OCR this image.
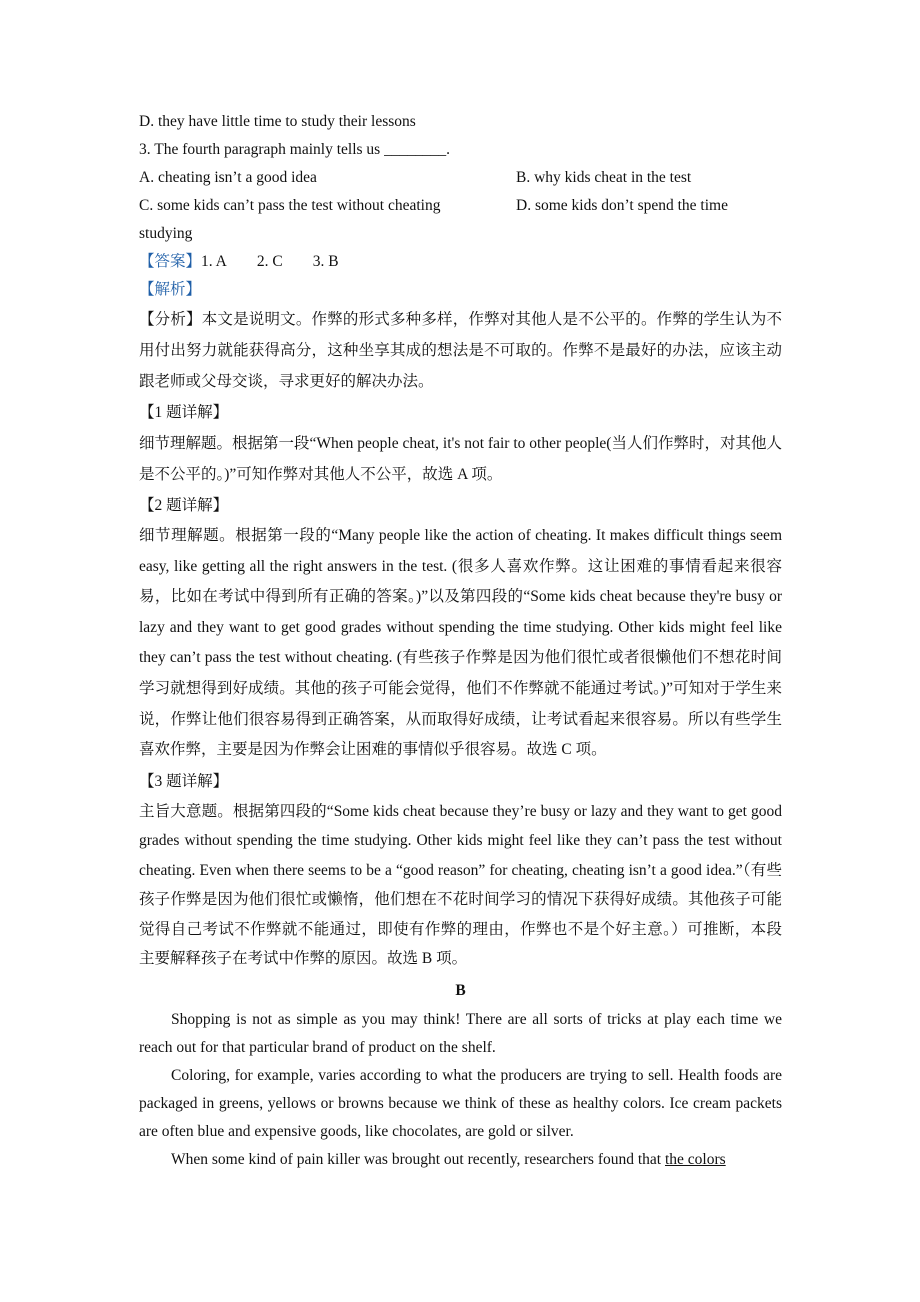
D. they have little time to study their lessons
3. The fourth paragraph mainly tells us ________.
A. cheating isn’t a good idea	B. why kids cheat in the test
C. some kids can’t pass the test without cheating	D. some kids don’t spend the time
studying
【答案】1. A 2. C 3. B
【解析】
【分析】本文是说明文。作弊的形式多种多样，作弊对其他人是不公平的。作弊的学生认为不用付出努力就能获得高分，这种坐享其成的想法是不可取的。作弊不是最好的办法，应该主动跟老师或父母交谈，寻求更好的解决办法。
【1 题详解】
细节理解题。根据第一段“When people cheat, it's not fair to other people(当人们作弊时，对其他人是不公平的。)”可知作弊对其他人不公平，故选 A 项。
【2 题详解】
细节理解题。根据第一段的“Many people like the action of cheating. It makes difficult things seem easy, like getting all the right answers in the test. (很多人喜欢作弊。这让困难的事情看起来很容易，比如在考试中得到所有正确的答案。)”以及第四段的“Some kids cheat because they're busy or lazy and they want to get good grades without spending the time studying. Other kids might feel like they can’t pass the test without cheating. (有些孩子作弊是因为他们很忙或者很懒他们不想花时间学习就想得到好成绩。其他的孩子可能会觉得，他们不作弊就不能通过考试。)”可知对于学生来说，作弊让他们很容易得到正确答案，从而取得好成绩，让考试看起来很容易。所以有些学生喜欢作弊，主要是因为作弊会让困难的事情似乎很容易。故选 C 项。
【3 题详解】
主旨大意题。根据第四段的“Some kids cheat because they’re busy or lazy and they want to get good grades without spending the time studying. Other kids might feel like they can’t pass the test without cheating. Even when there seems to be a “good reason” for cheating, cheating isn’t a good idea.”（有些孩子作弊是因为他们很忙或懒惰，他们想在不花时间学习的情况下获得好成绩。其他孩子可能觉得自己考试不作弊就不能通过，即使有作弊的理由，作弊也不是个好主意。）可推断，本段主要解释孩子在考试中作弊的原因。故选 B 项。
B
Shopping is not as simple as you may think! There are all sorts of tricks at play each time we reach out for that particular brand of product on the shelf.
Coloring, for example, varies according to what the producers are trying to sell. Health foods are packaged in greens, yellows or browns because we think of these as healthy colors. Ice cream packets are often blue and expensive goods, like chocolates, are gold or silver.
When some kind of pain killer was brought out recently, researchers found that the colors
